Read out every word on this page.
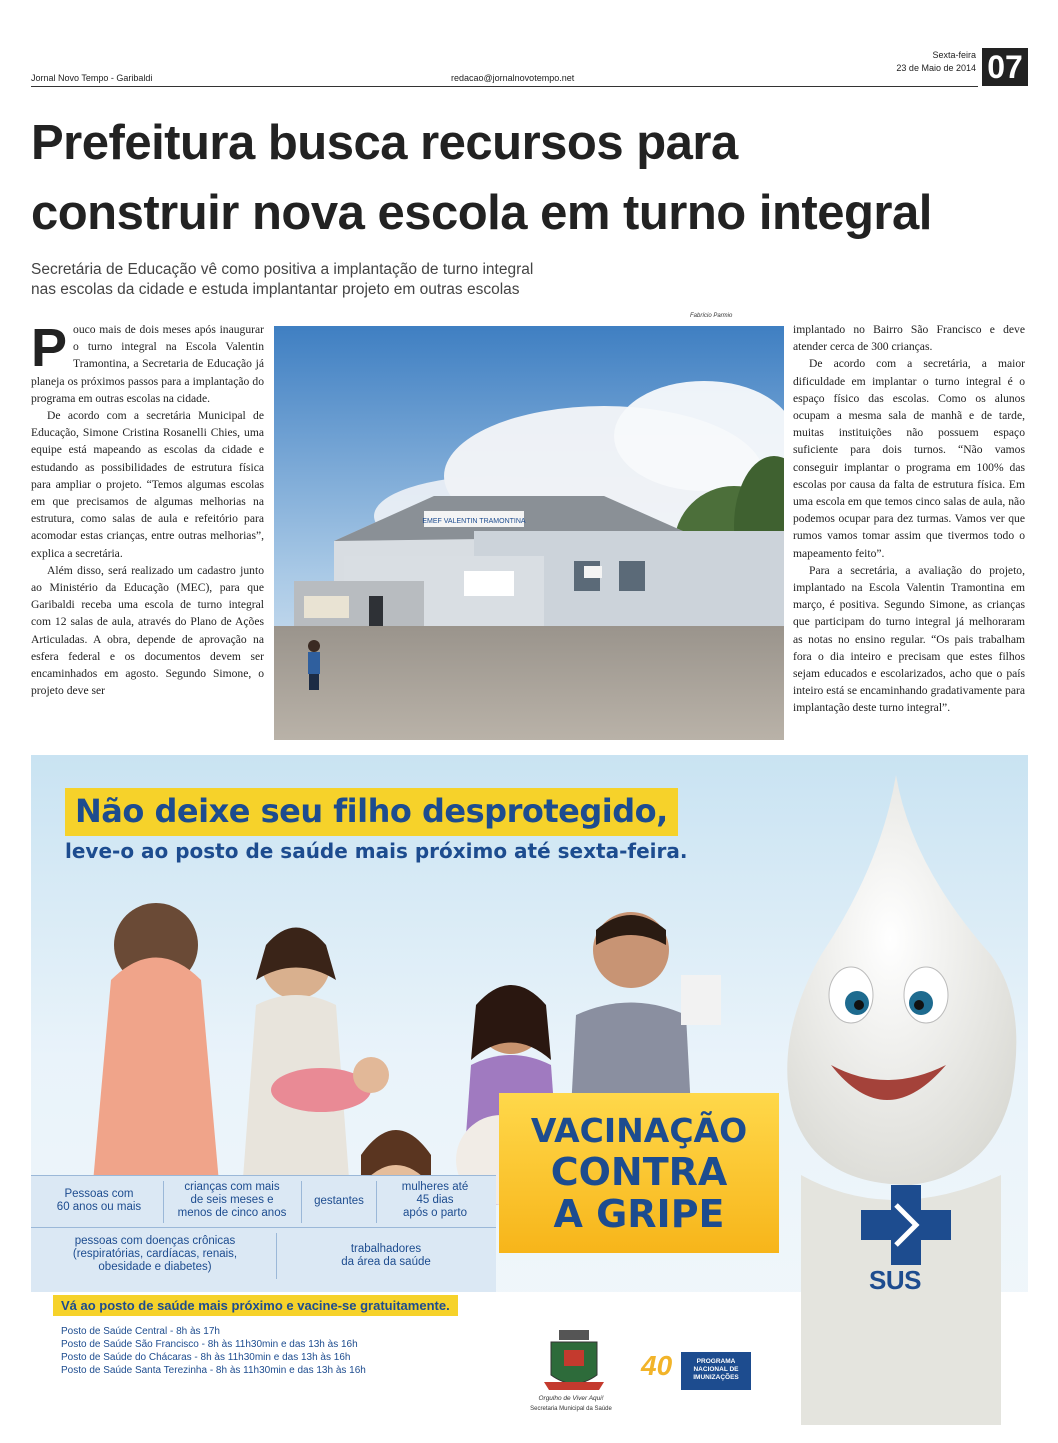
Jornal Novo Tempo - Garibaldi	redacao@jornalnovotempo.net
Sexta-feira
23 de Maio de 2014 07
Prefeitura busca recursos para
construir nova escola em turno integral
Secretária de Educação vê como positiva a implantação de turno integral
nas escolas da cidade e estuda implantantar projeto em outras escolas
P ouco mais de dois meses após inaugurar o turno integral na Escola Valentin Tramontina, a Secretaria de Educação já planeja os próximos passos para a implantação do programa em outras escolas na cidade.

De acordo com a secretária Municipal de Educação, Simone Cristina Rosanelli Chies, uma equipe está mapeando as escolas da cidade e estudando as possibilidades de estrutura física para ampliar o projeto. “Temos algumas escolas em que precisamos de algumas melhorias na estrutura, como salas de aula e refeitório para acomodar estas crianças, entre outras melhorias”, explica a secretária.

Além disso, será realizado um cadastro junto ao Ministério da Educação (MEC), para que Garibaldi receba uma escola de turno integral com 12 salas de aula, através do Plano de Ações Articuladas. A obra, depende de aprovação na esfera federal e os documentos devem ser encaminhados em agosto. Segundo Simone, o projeto deve ser

Fabrício Parmio
EMEF VALENTIN TRAMONTINA

implantado no Bairro São Francisco e deve atender cerca de 300 crianças.

De acordo com a secretária, a maior dificuldade em implantar o turno integral é o espaço físico das escolas. Como os alunos ocupam a mesma sala de manhã e de tarde, muitas instituições não possuem espaço suficiente para dois turnos. “Não vamos conseguir implantar o programa em 100% das escolas por causa da falta de estrutura física. Em uma escola em que temos cinco salas de aula, não podemos ocupar para dez turmas. Vamos ver que rumos vamos tomar assim que tivermos todo o mapeamento feito”.

Para a secretária, a avaliação do projeto, implantado na Escola Valentin Tramontina em março, é positiva. Segundo Simone, as crianças que participam do turno integral já melhoraram as notas no ensino regular. “Os pais trabalham fora o dia inteiro e precisam que estes filhos sejam educados e escolarizados, acho que o país inteiro está se encaminhando gradativamente para implantação deste turno integral”.

Não deixe seu filho desprotegido,
leve-o ao posto de saúde mais próximo até sexta-feira.
VACINAÇÃO
CONTRA
A GRIPE
Pessoas com
60 anos ou mais
crianças com mais
de seis meses e
menos de cinco anos
gestantes
mulheres até
45 dias
após o parto
pessoas com doenças crônicas
(respiratórias, cardíacas, renais,
obesidade e diabetes)
trabalhadores
da área da saúde
Vá ao posto de saúde mais próximo e vacine-se gratuitamente.
Posto de Saúde Central - 8h às 17h
Posto de Saúde São Francisco - 8h às 11h30min e das 13h às 16h
Posto de Saúde do Chácaras - 8h às 11h30min e das 13h às 16h
Posto de Saúde Santa Terezinha - 8h às 11h30min e das 13h às 16h
Orgulho de Viver Aqui!
Secretaria Municipal da Saúde
40	PROGRAMA
NACIONAL DE
IMUNIZAÇÕES
SUS
